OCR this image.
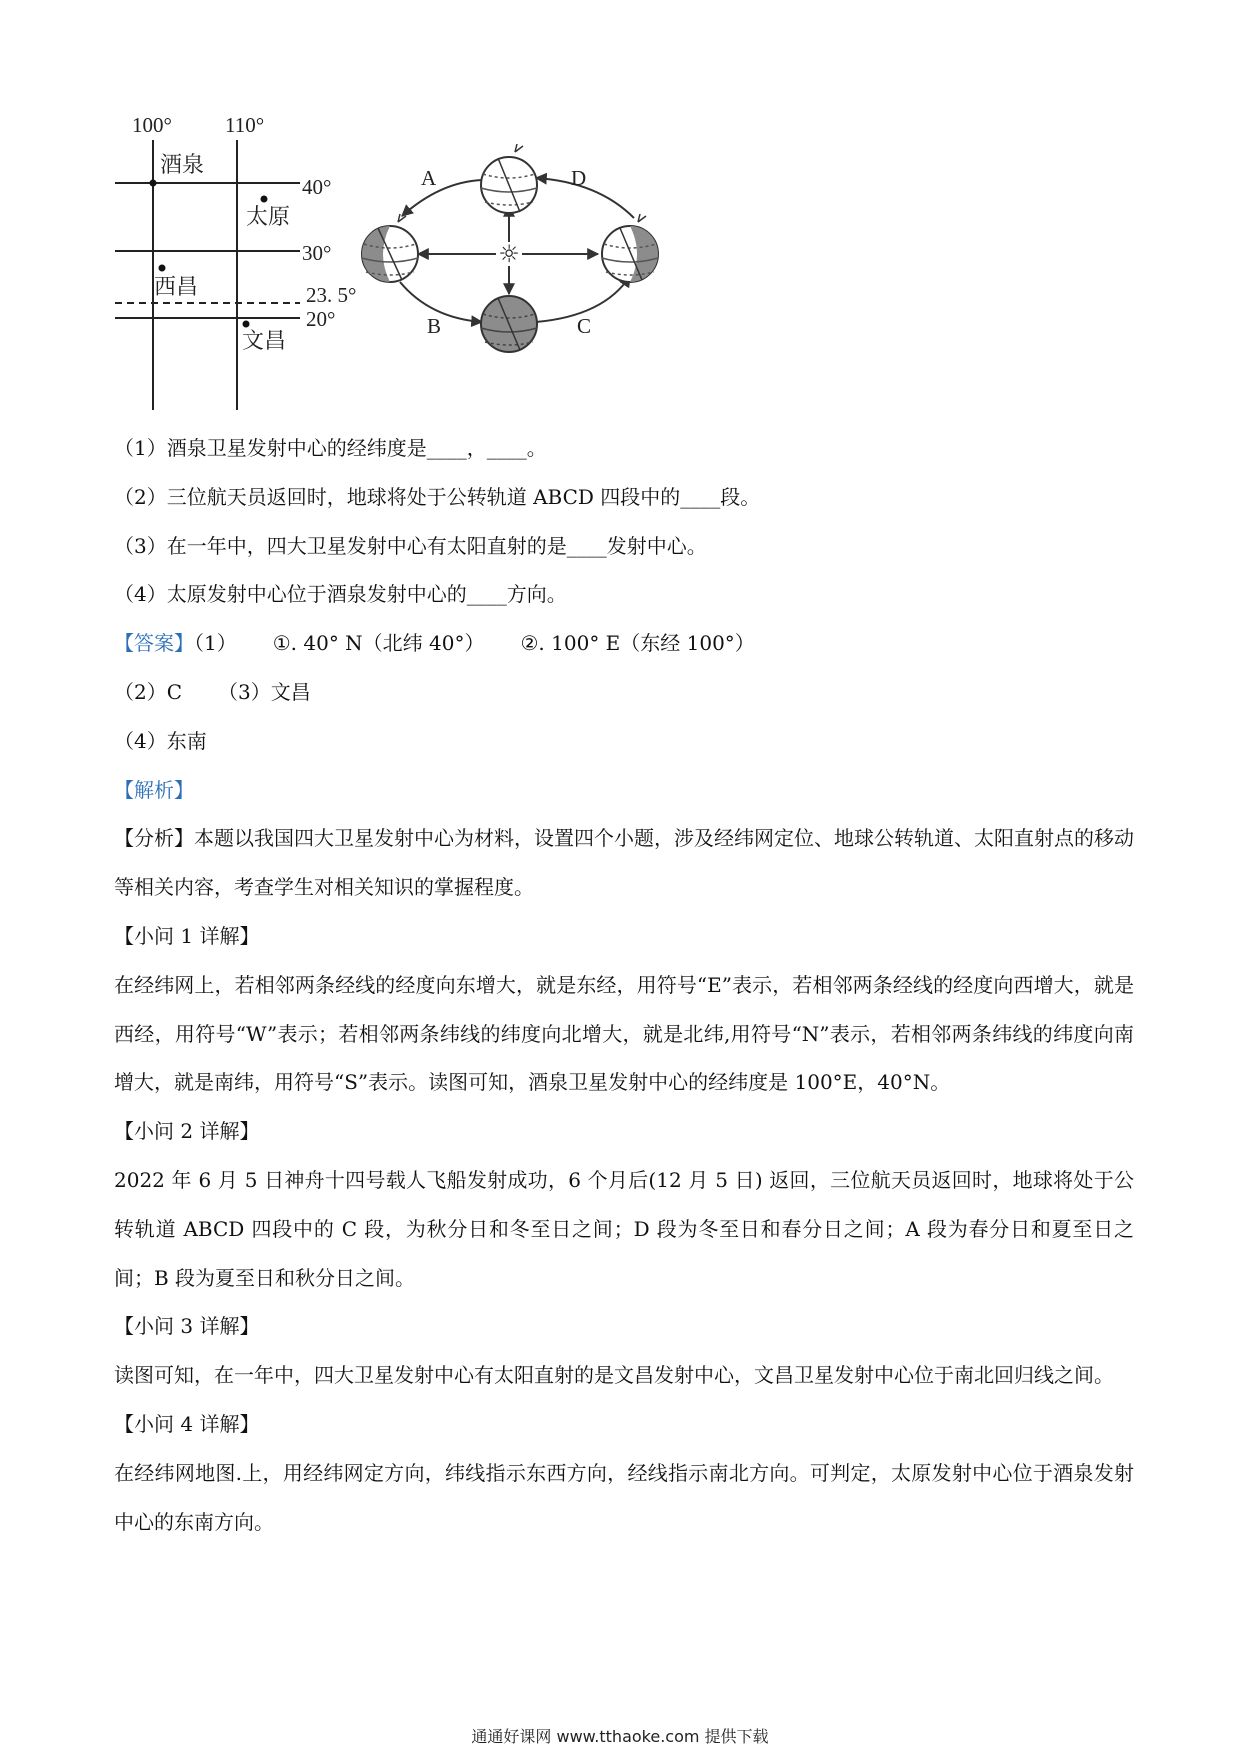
100°	110°
40°
30°
23. 5°
20°
酒泉
太原
西昌
文昌
☼
A
B	C
D

（1）酒泉卫星发射中心的经纬度是____，____。

（2）三位航天员返回时，地球将处于公转轨道 ABCD 四段中的____段。

（3）在一年中，四大卫星发射中心有太阳直射的是____发射中心。

（4）太原发射中心位于酒泉发射中心的____方向。

【答案】（1） ①. 40° N（北纬 40°） ②. 100° E（东经 100°）

（2）C （3）文昌

（4）东南

【解析】

【分析】本题以我国四大卫星发射中心为材料，设置四个小题，涉及经纬网定位、地球公转轨道、太阳直射点的移动等相关内容，考查学生对相关知识的掌握程度。

【小问 1 详解】

在经纬网上，若相邻两条经线的经度向东增大，就是东经，用符号“E”表示，若相邻两条经线的经度向西增大，就是西经，用符号“W”表示；若相邻两条纬线的纬度向北增大，就是北纬,用符号“N”表示，若相邻两条纬线的纬度向南增大，就是南纬，用符号“S”表示。读图可知，酒泉卫星发射中心的经纬度是 100°E，40°N。

【小问 2 详解】

2022 年 6 月 5 日神舟十四号载人飞船发射成功，6 个月后(12 月 5 日) 返回，三位航天员返回时，地球将处于公转轨道 ABCD 四段中的 C 段，为秋分日和冬至日之间；D 段为冬至日和春分日之间；A 段为春分日和夏至日之间；B 段为夏至日和秋分日之间。

【小问 3 详解】

读图可知，在一年中，四大卫星发射中心有太阳直射的是文昌发射中心，文昌卫星发射中心位于南北回归线之间。

【小问 4 详解】

在经纬网地图.上，用经纬网定方向，纬线指示东西方向，经线指示南北方向。可判定，太原发射中心位于酒泉发射中心的东南方向。

通通好课网 www.tthaoke.com 提供下载
